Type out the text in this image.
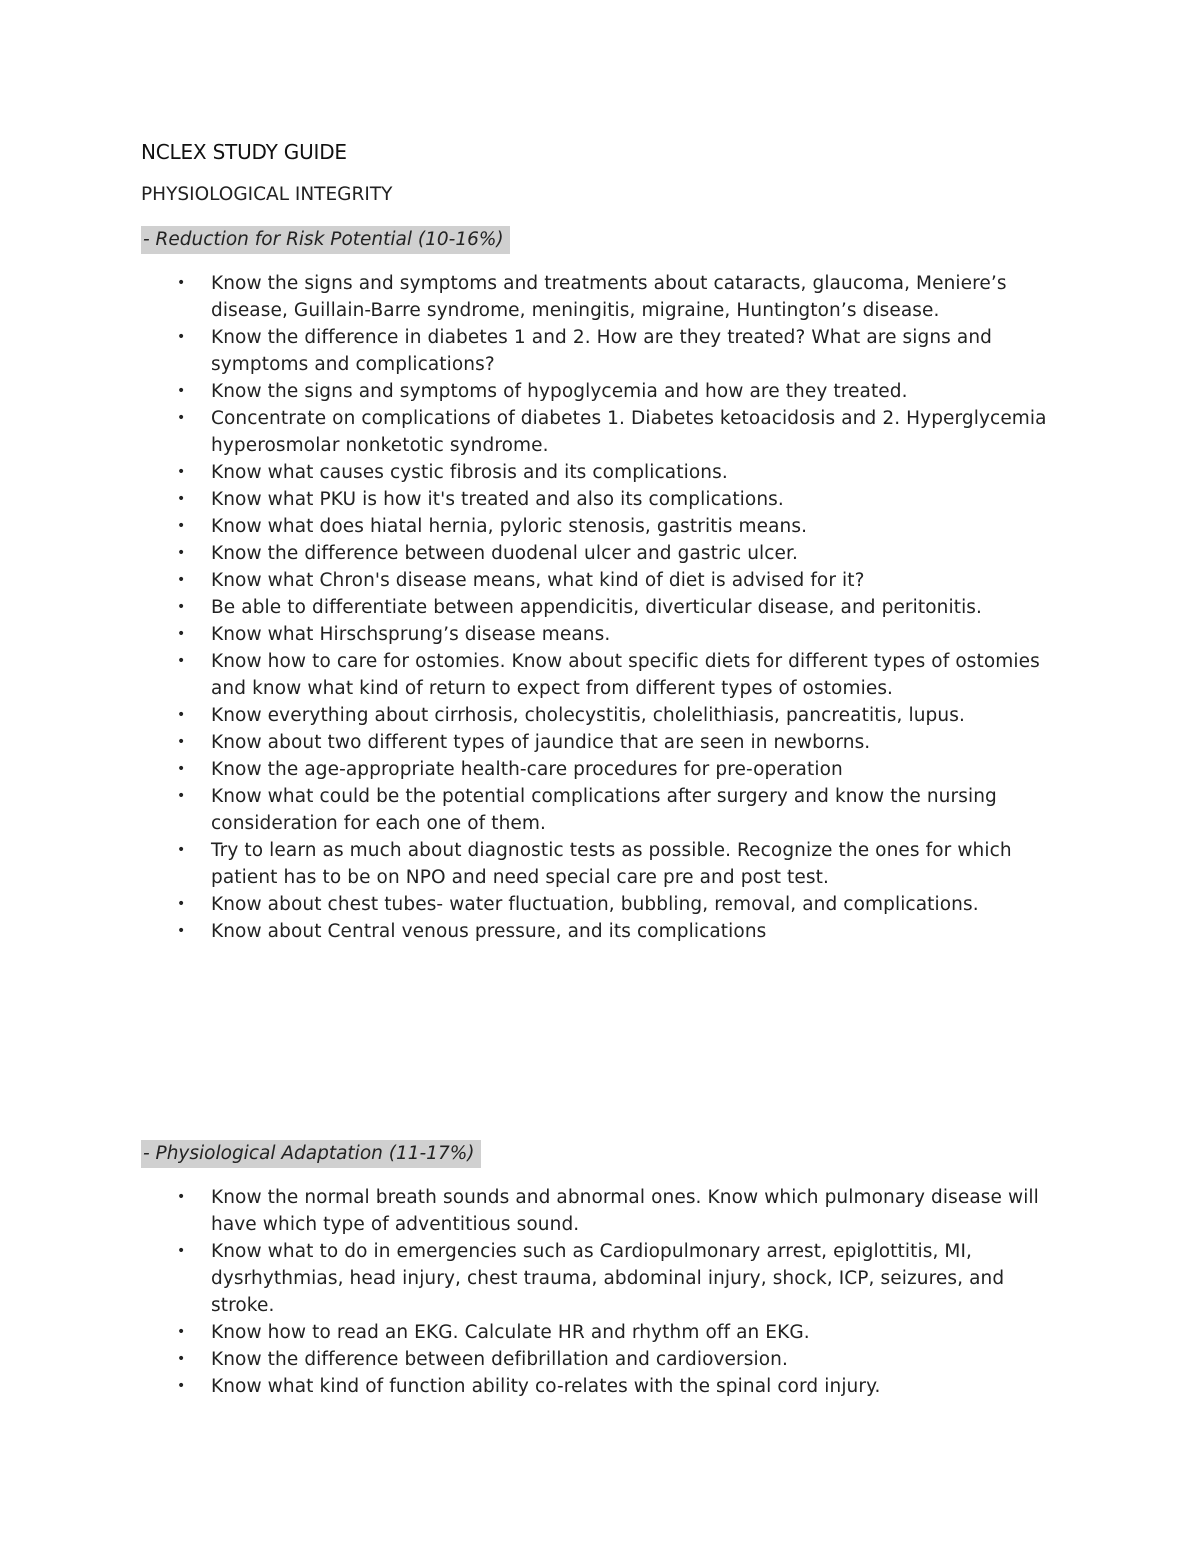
NCLEX STUDY GUIDE
PHYSIOLOGICAL INTEGRITY
- Reduction for Risk Potential (10-16%)
• Know the signs and symptoms and treatments about cataracts, glaucoma, Meniere’s disease, Guillain-Barre syndrome, meningitis, migraine, Huntington’s disease.
• Know the difference in diabetes 1 and 2. How are they treated? What are signs and symptoms and complications?
• Know the signs and symptoms of hypoglycemia and how are they treated.
• Concentrate on complications of diabetes 1. Diabetes ketoacidosis and 2. Hyperglycemia hyperosmolar nonketotic syndrome.
• Know what causes cystic fibrosis and its complications.
• Know what PKU is how it's treated and also its complications.
• Know what does hiatal hernia, pyloric stenosis, gastritis means.
• Know the difference between duodenal ulcer and gastric ulcer.
• Know what Chron's disease means, what kind of diet is advised for it?
• Be able to differentiate between appendicitis, diverticular disease, and peritonitis.
• Know what Hirschsprung’s disease means.
• Know how to care for ostomies. Know about specific diets for different types of ostomies and know what kind of return to expect from different types of ostomies.
• Know everything about cirrhosis, cholecystitis, cholelithiasis, pancreatitis, lupus.
• Know about two different types of jaundice that are seen in newborns.
• Know the age-appropriate health-care procedures for pre-operation
• Know what could be the potential complications after surgery and know the nursing consideration for each one of them.
• Try to learn as much about diagnostic tests as possible. Recognize the ones for which patient has to be on NPO and need special care pre and post test.
• Know about chest tubes- water fluctuation, bubbling, removal, and complications.
• Know about Central venous pressure, and its complications
- Physiological Adaptation (11-17%)
• Know the normal breath sounds and abnormal ones. Know which pulmonary disease will have which type of adventitious sound.
• Know what to do in emergencies such as Cardiopulmonary arrest, epiglottitis, MI, dysrhythmias, head injury, chest trauma, abdominal injury, shock, ICP, seizures, and stroke.
• Know how to read an EKG. Calculate HR and rhythm off an EKG.
• Know the difference between defibrillation and cardioversion.
• Know what kind of function ability co-relates with the spinal cord injury.
